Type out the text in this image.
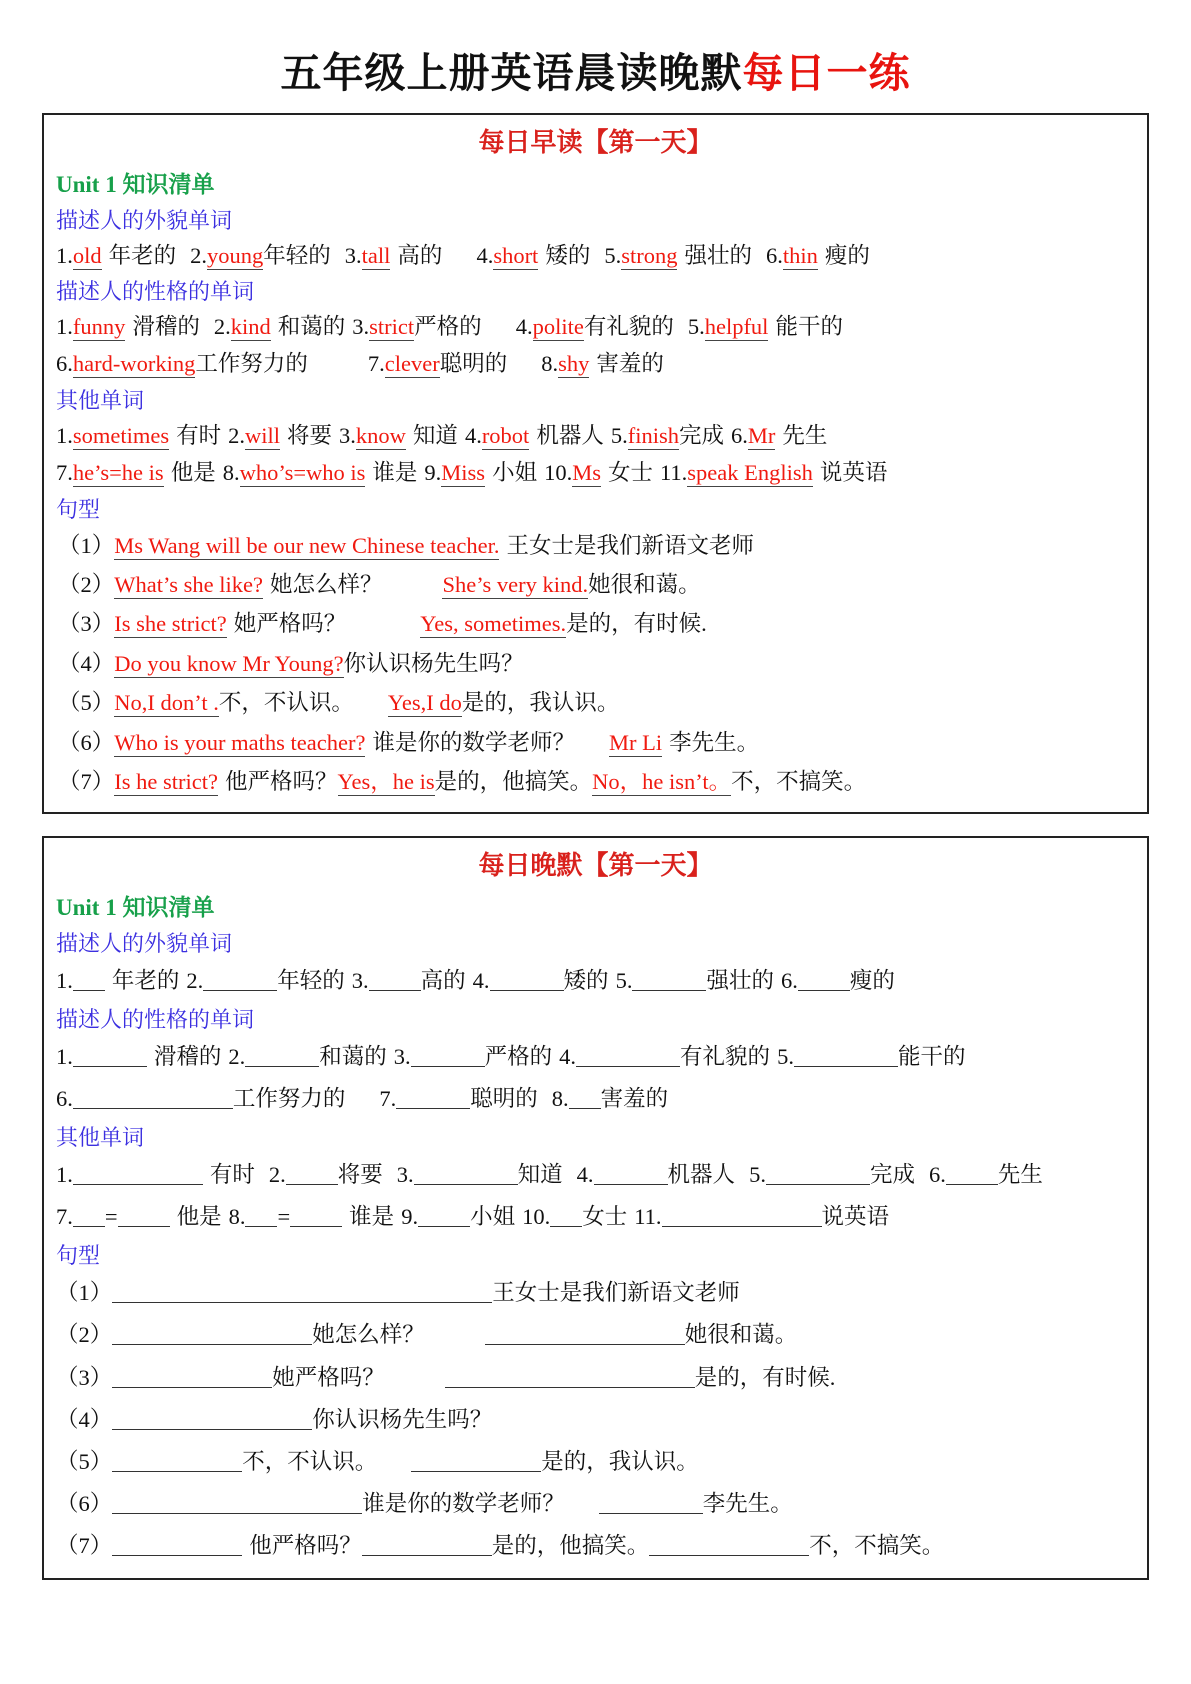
五年级上册英语晨读晚默每日一练
每日早读【第一天】
Unit 1 知识清单
描述人的外貌单词
1.old 年老的 2.young年轻的 3.tall 高的 4.short 矮的 5.strong 强壮的 6.thin 瘦的
描述人的性格的单词
1.funny 滑稽的 2.kind 和蔼的 3.strict严格的 4.polite有礼貌的 5.helpful 能干的
6.hard-working工作努力的	7.clever聪明的 8.shy 害羞的
其他单词
1.sometimes 有时 2.will 将要 3.know 知道 4.robot 机器人 5.finish完成 6.Mr 先生
7.he’s=he is 他是 8.who’s=who is 谁是 9.Miss 小姐 10.Ms 女士 11.speak English 说英语
句型
（1）Ms Wang will be our new Chinese teacher. 王女士是我们新语文老师
（2）What’s she like? 她怎么样？	She’s very kind.她很和蔼。
（3）Is she strict? 她严格吗？	Yes, sometimes.是的，有时候.
（4）Do you know Mr Young?你认识杨先生吗？
（5）No,I don’t .不，不认识。 Yes,I do是的，我认识。
（6）Who is your maths teacher? 谁是你的数学老师？ Mr Li 李先生。
（7）Is he strict? 他严格吗？Yes，he is是的，他搞笑。No，he isn’t。不，不搞笑。
每日晚默【第一天】
Unit 1 知识清单
描述人的外貌单词
1. 年老的 2.	年轻的 3. 高的 4.	矮的 5.	强壮的 6. 瘦的
描述人的性格的单词
1.	滑稽的 2.	和蔼的 3.	严格的 4.	有礼貌的 5.	能干的
6.	工作努力的 7.	聪明的 8. 害羞的
其他单词
1.	有时 2. 将要 3.	知道 4.	机器人 5.	完成 6. 先生
7. =	他是 8. =	谁是 9. 小姐 10. 女士 11.	说英语
句型
（1）	王女士是我们新语文老师
（2）	她怎么样？	她很和蔼。
（3）	她严格吗？	是的，有时候.
（4）	你认识杨先生吗？
（5）	不，不认识。	是的，我认识。
（6）	谁是你的数学老师？	李先生。
（7）	他严格吗？	是的，他搞笑。	不，不搞笑。
